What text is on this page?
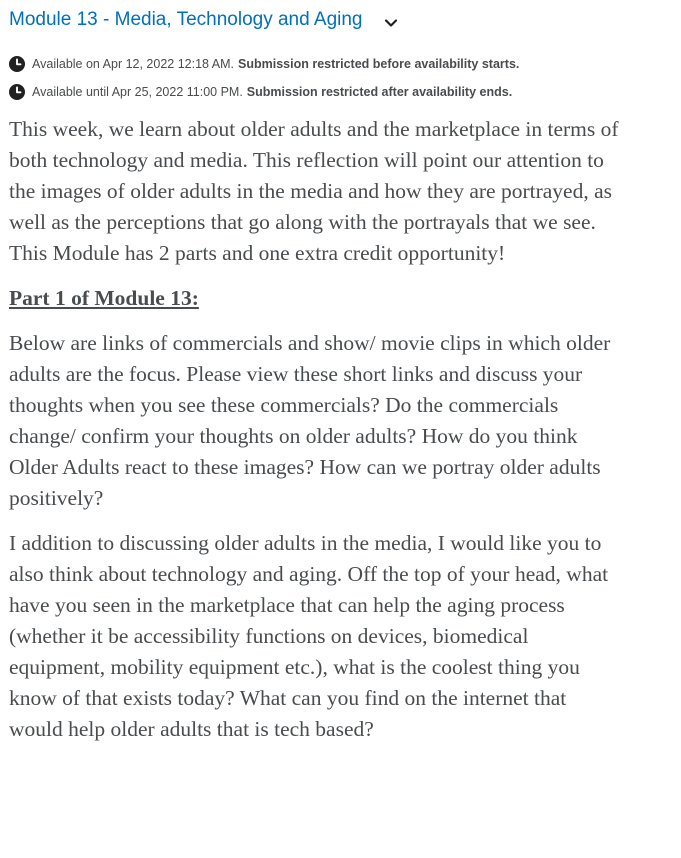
Module 13 - Media, Technology and Aging
Available on Apr 12, 2022 12:18 AM. Submission restricted before availability starts.
Available until Apr 25, 2022 11:00 PM. Submission restricted after availability ends.

This week, we learn about older adults and the marketplace in terms of both technology and media. This reflection will point our attention to the images of older adults in the media and how they are portrayed, as well as the perceptions that go along with the portrayals that we see. This Module has 2 parts and one extra credit opportunity!

Part 1 of Module 13:

Below are links of commercials and show/ movie clips in which older adults are the focus. Please view these short links and discuss your thoughts when you see these commercials? Do the commercials change/ confirm your thoughts on older adults? How do you think Older Adults react to these images? How can we portray older adults positively?

I addition to discussing older adults in the media, I would like you to also think about technology and aging. Off the top of your head, what have you seen in the marketplace that can help the aging process (whether it be accessibility functions on devices, biomedical equipment, mobility equipment etc.), what is the coolest thing you know of that exists today? What can you find on the internet that would help older adults that is tech based?
